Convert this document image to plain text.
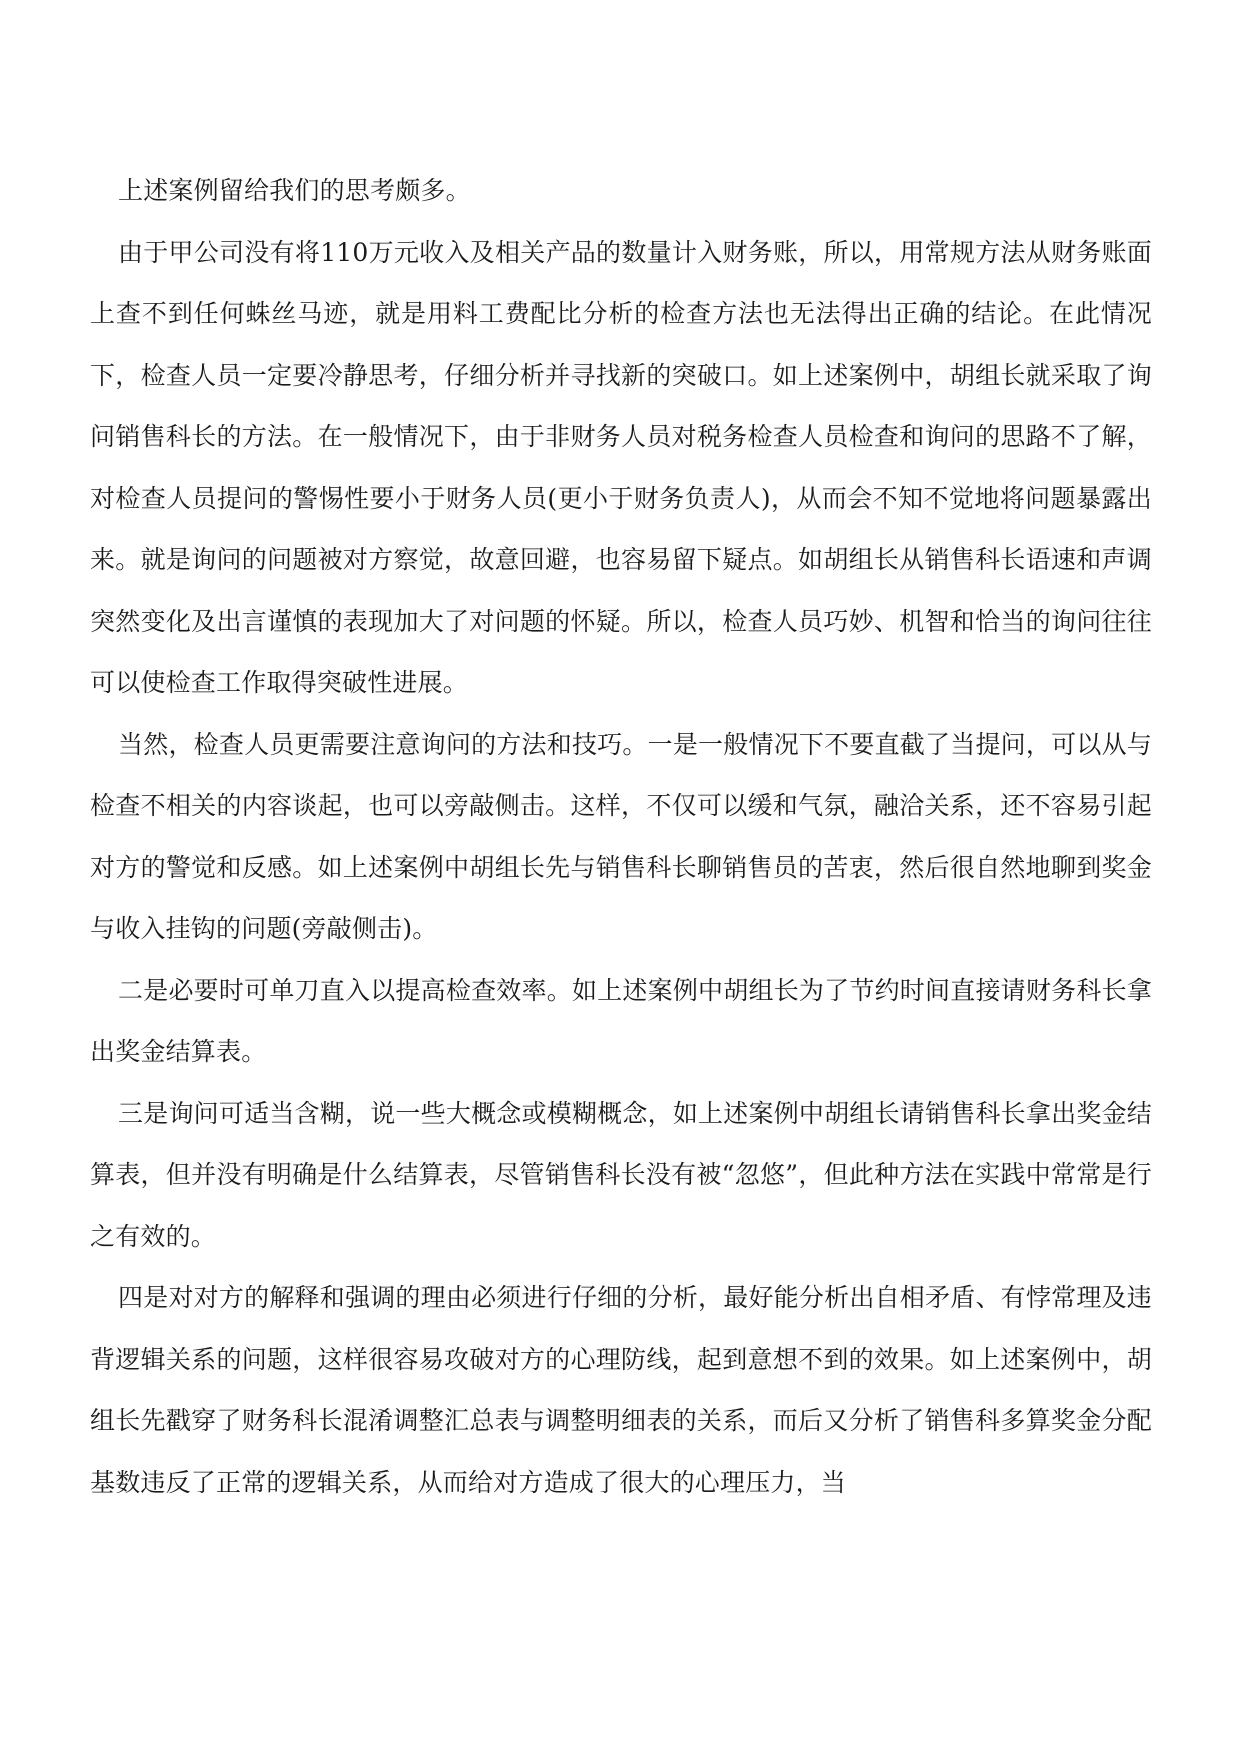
上述案例留给我们的思考颇多。

由于甲公司没有将110万元收入及相关产品的数量计入财务账，所以，用常规方法从财务账面上查不到任何蛛丝马迹，就是用料工费配比分析的检查方法也无法得出正确的结论。在此情况下，检查人员一定要冷静思考，仔细分析并寻找新的突破口。如上述案例中，胡组长就采取了询问销售科长的方法。在一般情况下，由于非财务人员对税务检查人员检查和询问的思路不了解，对检查人员提问的警惕性要小于财务人员(更小于财务负责人)，从而会不知不觉地将问题暴露出来。就是询问的问题被对方察觉，故意回避，也容易留下疑点。如胡组长从销售科长语速和声调突然变化及出言谨慎的表现加大了对问题的怀疑。所以，检查人员巧妙、机智和恰当的询问往往可以使检查工作取得突破性进展。

当然，检查人员更需要注意询问的方法和技巧。一是一般情况下不要直截了当提问，可以从与检查不相关的内容谈起，也可以旁敲侧击。这样，不仅可以缓和气氛，融洽关系，还不容易引起对方的警觉和反感。如上述案例中胡组长先与销售科长聊销售员的苦衷，然后很自然地聊到奖金与收入挂钩的问题(旁敲侧击)。

二是必要时可单刀直入以提高检查效率。如上述案例中胡组长为了节约时间直接请财务科长拿出奖金结算表。

三是询问可适当含糊，说一些大概念或模糊概念，如上述案例中胡组长请销售科长拿出奖金结算表，但并没有明确是什么结算表，尽管销售科长没有被“忽悠”，但此种方法在实践中常常是行之有效的。

四是对对方的解释和强调的理由必须进行仔细的分析，最好能分析出自相矛盾、有悖常理及违背逻辑关系的问题，这样很容易攻破对方的心理防线，起到意想不到的效果。如上述案例中，胡组长先戳穿了财务科长混淆调整汇总表与调整明细表的关系，而后又分析了销售科多算奖金分配基数违反了正常的逻辑关系，从而给对方造成了很大的心理压力，当
